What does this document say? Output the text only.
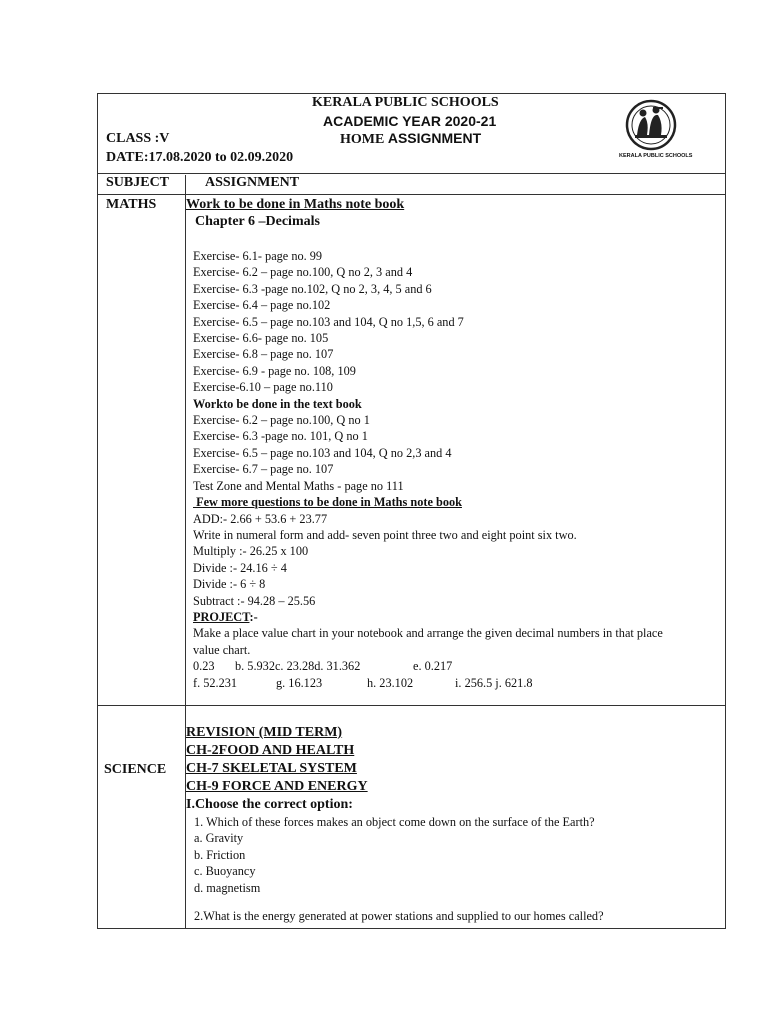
KERALA PUBLIC SCHOOLS
ACADEMIC YEAR 2020-21
HOME ASSIGNMENT
CLASS :V
DATE:17.08.2020 to 02.09.2020	KERALA PUBLIC SCHOOLS
SUBJECT	ASSIGNMENT
MATHS Work to be done in Maths note book
Chapter 6 –Decimals
Exercise- 6.1- page no. 99
Exercise- 6.2 – page no.100, Q no 2, 3 and 4
Exercise- 6.3 -page no.102, Q no 2, 3, 4, 5 and 6
Exercise- 6.4 – page no.102
Exercise- 6.5 – page no.103 and 104, Q no 1,5, 6 and 7
Exercise- 6.6- page no. 105
Exercise- 6.8 – page no. 107
Exercise- 6.9 - page no. 108, 109
Exercise-6.10 – page no.110
Workto be done in the text book
Exercise- 6.2 – page no.100, Q no 1
Exercise- 6.3 -page no. 101, Q no 1
Exercise- 6.5 – page no.103 and 104, Q no 2,3 and 4
Exercise- 6.7 – page no. 107
Test Zone and Mental Maths - page no 111
Few more questions to be done in Maths note book
ADD:- 2.66 + 53.6 + 23.77
Write in numeral form and add- seven point three two and eight point six two.
Multiply :- 26.25 x 100
Divide :- 24.16 ÷ 4
Divide :- 6 ÷ 8
Subtract :- 94.28 – 25.56
PROJECT:-
Make a place value chart in your notebook and arrange the given decimal numbers in that place
value chart.
0.23 b. 5.932c. 23.28d. 31.362	e. 0.217
f. 52.231	g. 16.123	h. 23.102	i. 256.5 j. 621.8
SCIENCE
REVISION (MID TERM)
CH-2FOOD AND HEALTH
CH-7 SKELETAL SYSTEM
CH-9 FORCE AND ENERGY
I.Choose the correct option:
1. Which of these forces makes an object come down on the surface of the Earth?
a. Gravity
b. Friction
c. Buoyancy
d. magnetism
2.What is the energy generated at power stations and supplied to our homes called?
